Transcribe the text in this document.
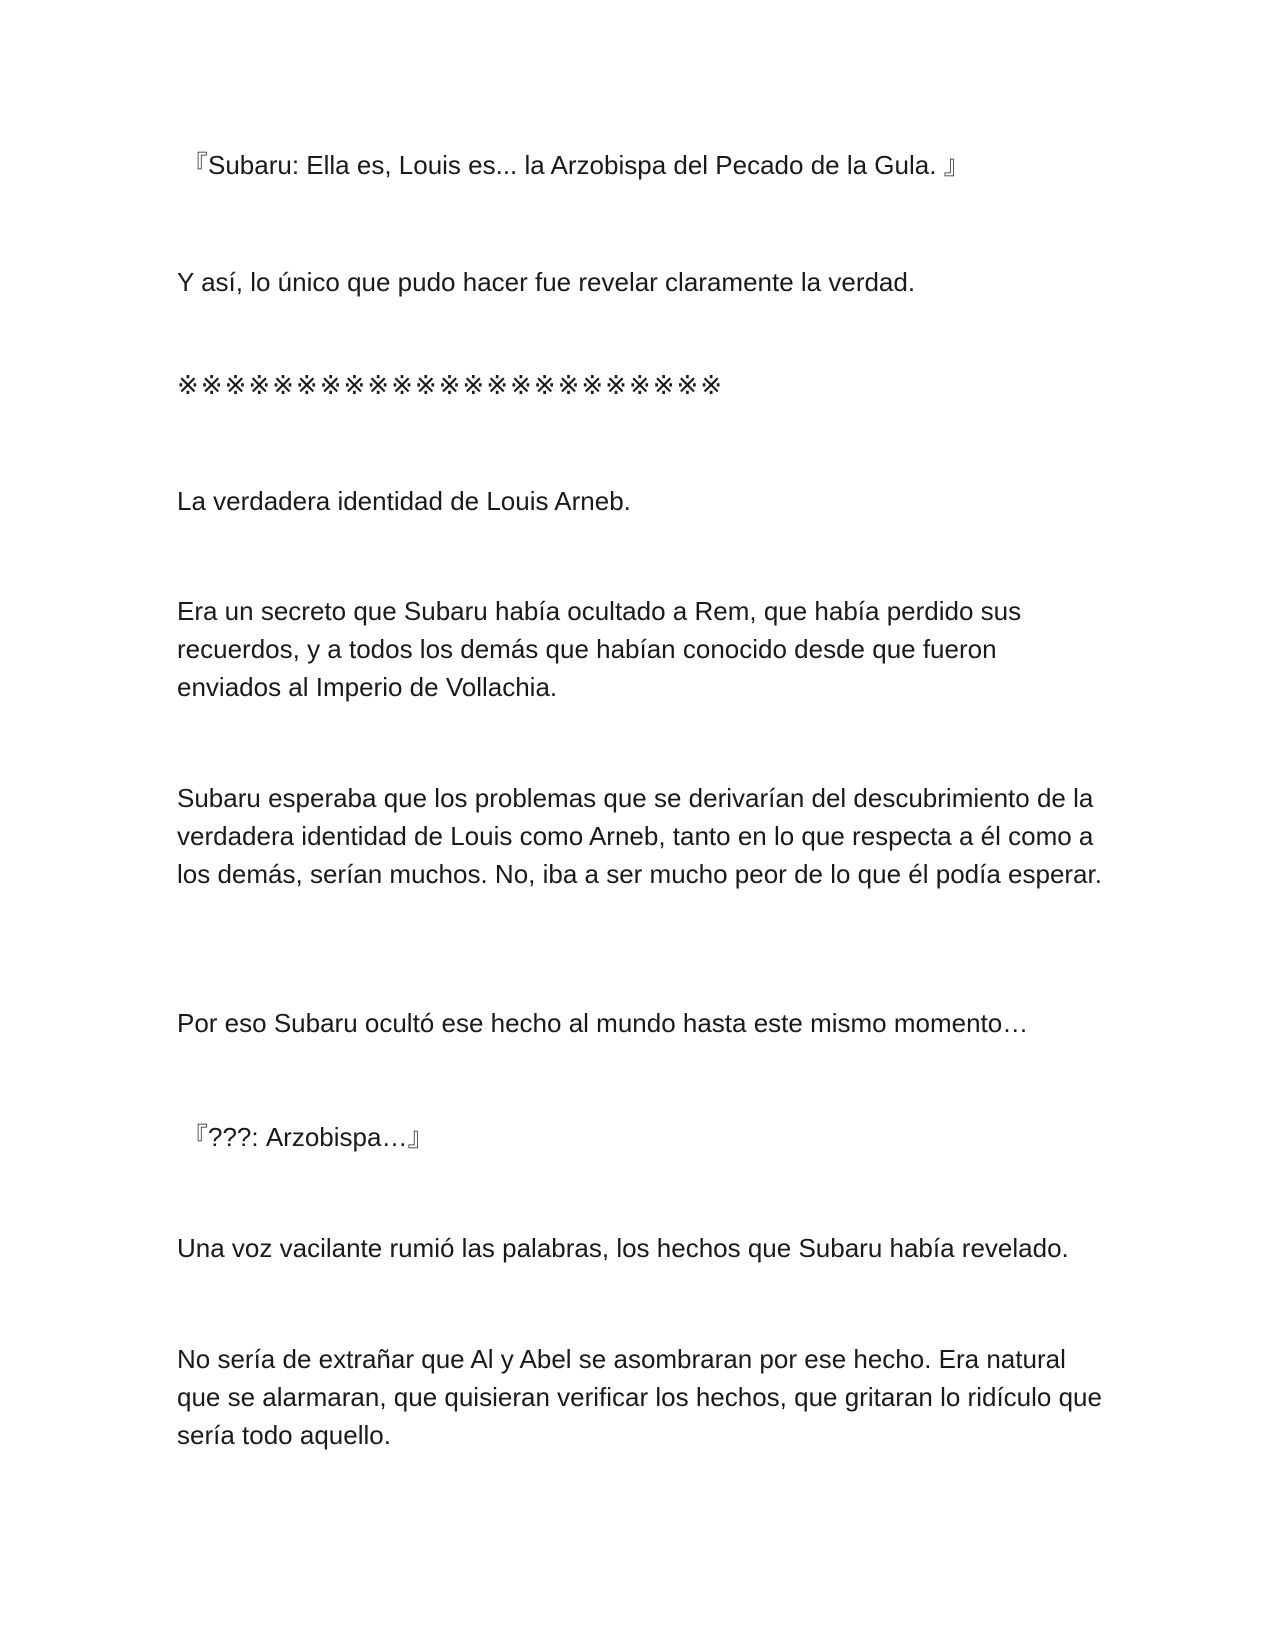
『Subaru: Ella es, Louis es... la Arzobispa del Pecado de la Gula. 』

Y así, lo único que pudo hacer fue revelar claramente la verdad.

※※※※※※※※※※※※※※※※※※※※※※※

La verdadera identidad de Louis Arneb.

Era un secreto que Subaru había ocultado a Rem, que había perdido sus recuerdos, y a todos los demás que habían conocido desde que fueron enviados al Imperio de Vollachia.

Subaru esperaba que los problemas que se derivarían del descubrimiento de la verdadera identidad de Louis como Arneb, tanto en lo que respecta a él como a los demás, serían muchos. No, iba a ser mucho peor de lo que él podía esperar.

Por eso Subaru ocultó ese hecho al mundo hasta este mismo momento…

『???: Arzobispa…』

Una voz vacilante rumió las palabras, los hechos que Subaru había revelado.

No sería de extrañar que Al y Abel se asombraran por ese hecho. Era natural que se alarmaran, que quisieran verificar los hechos, que gritaran lo ridículo que sería todo aquello.
